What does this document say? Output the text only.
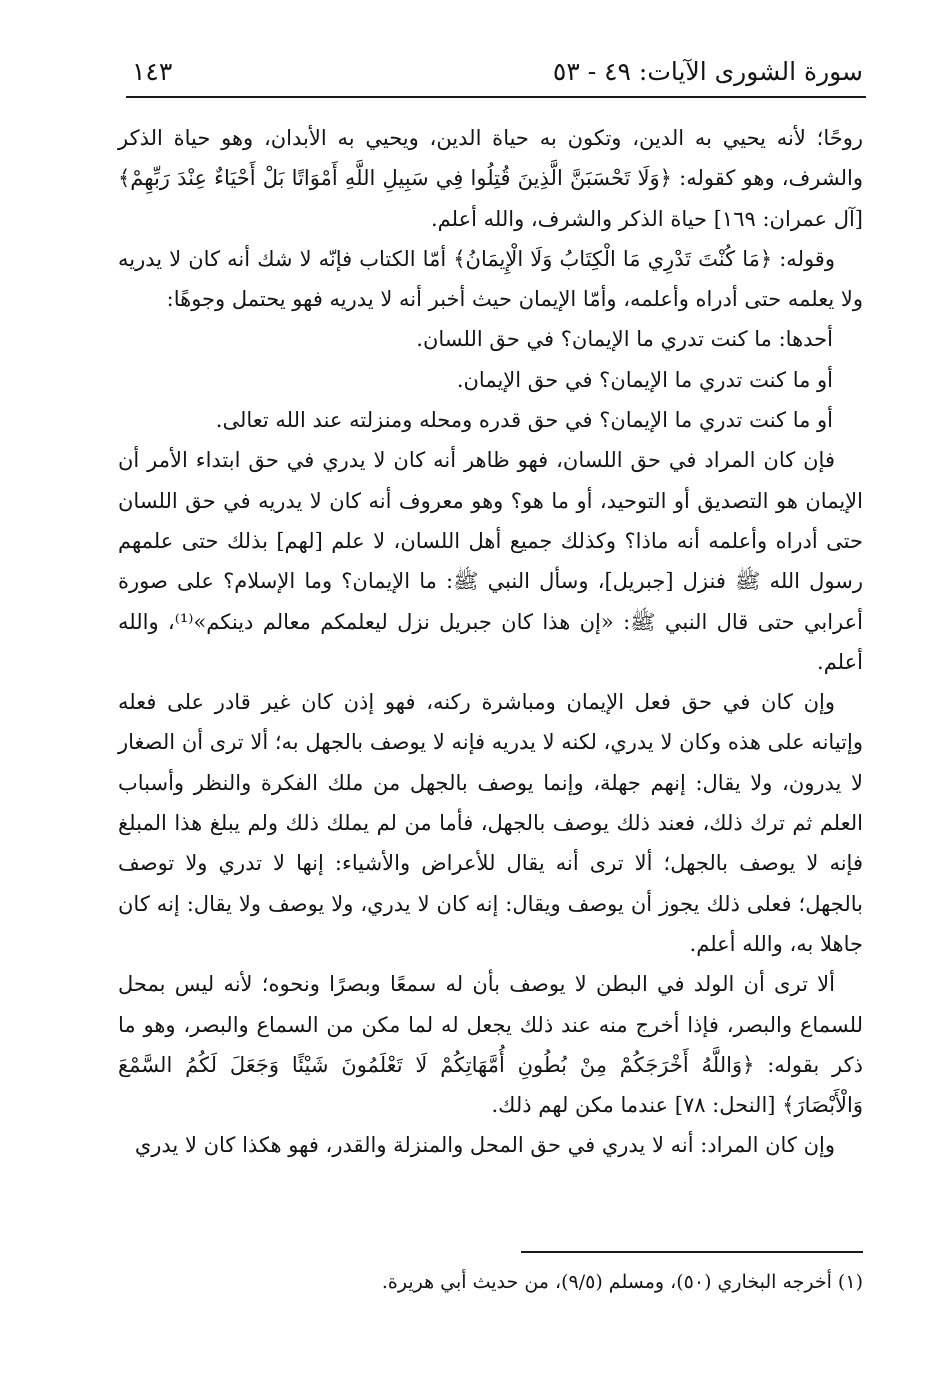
سورة الشورى الآيات: ٤٩ - ٥٣
١٤٣

روحًا؛ لأنه يحيي به الدين، وتكون به حياة الدين، ويحيي به الأبدان، وهو حياة الذكر والشرف، وهو كقوله: ﴿وَلَا تَحْسَبَنَّ الَّذِينَ قُتِلُوا فِي سَبِيلِ اللَّهِ أَمْوَاتًا بَلْ أَحْيَاءٌ عِنْدَ رَبِّهِمْ﴾ [آل عمران: ١٦٩] حياة الذكر والشرف، والله أعلم.

وقوله: ﴿مَا كُنْتَ تَدْرِي مَا الْكِتَابُ وَلَا الْإِيمَانُ﴾ أمّا الكتاب فإنّه لا شك أنه كان لا يدريه ولا يعلمه حتى أدراه وأعلمه، وأمّا الإيمان حيث أخبر أنه لا يدريه فهو يحتمل وجوهًا:

أحدها: ما كنت تدري ما الإيمان؟ في حق اللسان.

أو ما كنت تدري ما الإيمان؟ في حق الإيمان.

أو ما كنت تدري ما الإيمان؟ في حق قدره ومحله ومنزلته عند الله تعالى.

فإن كان المراد في حق اللسان، فهو ظاهر أنه كان لا يدري في حق ابتداء الأمر أن الإيمان هو التصديق أو التوحيد، أو ما هو؟ وهو معروف أنه كان لا يدريه في حق اللسان حتى أدراه وأعلمه أنه ماذا؟ وكذلك جميع أهل اللسان، لا علم [لهم] بذلك حتى علمهم رسول الله ﷺ فنزل [جبريل]، وسأل النبي ﷺ: ما الإيمان؟ وما الإسلام؟ على صورة أعرابي حتى قال النبي ﷺ: «إن هذا كان جبريل نزل ليعلمكم معالم دينكم»⁽¹⁾، والله أعلم.

وإن كان في حق فعل الإيمان ومباشرة ركنه، فهو إذن كان غير قادر على فعله وإتيانه على هذه وكان لا يدري، لكنه لا يدريه فإنه لا يوصف بالجهل به؛ ألا ترى أن الصغار لا يدرون، ولا يقال: إنهم جهلة، وإنما يوصف بالجهل من ملك الفكرة والنظر وأسباب العلم ثم ترك ذلك، فعند ذلك يوصف بالجهل، فأما من لم يملك ذلك ولم يبلغ هذا المبلغ فإنه لا يوصف بالجهل؛ ألا ترى أنه يقال للأعراض والأشياء: إنها لا تدري ولا توصف بالجهل؛ فعلى ذلك يجوز أن يوصف ويقال: إنه كان لا يدري، ولا يوصف ولا يقال: إنه كان جاهلا به، والله أعلم.

ألا ترى أن الولد في البطن لا يوصف بأن له سمعًا وبصرًا ونحوه؛ لأنه ليس بمحل للسماع والبصر، فإذا أخرج منه عند ذلك يجعل له لما مكن من السماع والبصر، وهو ما ذكر بقوله: ﴿وَاللَّهُ أَخْرَجَكُمْ مِنْ بُطُونِ أُمَّهَاتِكُمْ لَا تَعْلَمُونَ شَيْئًا وَجَعَلَ لَكُمُ السَّمْعَ وَالْأَبْصَارَ﴾ [النحل: ٧٨] عندما مكن لهم ذلك.

وإن كان المراد: أنه لا يدري في حق المحل والمنزلة والقدر، فهو هكذا كان لا يدري

(١) أخرجه البخاري (٥٠)، ومسلم (٩/٥)، من حديث أبي هريرة.
